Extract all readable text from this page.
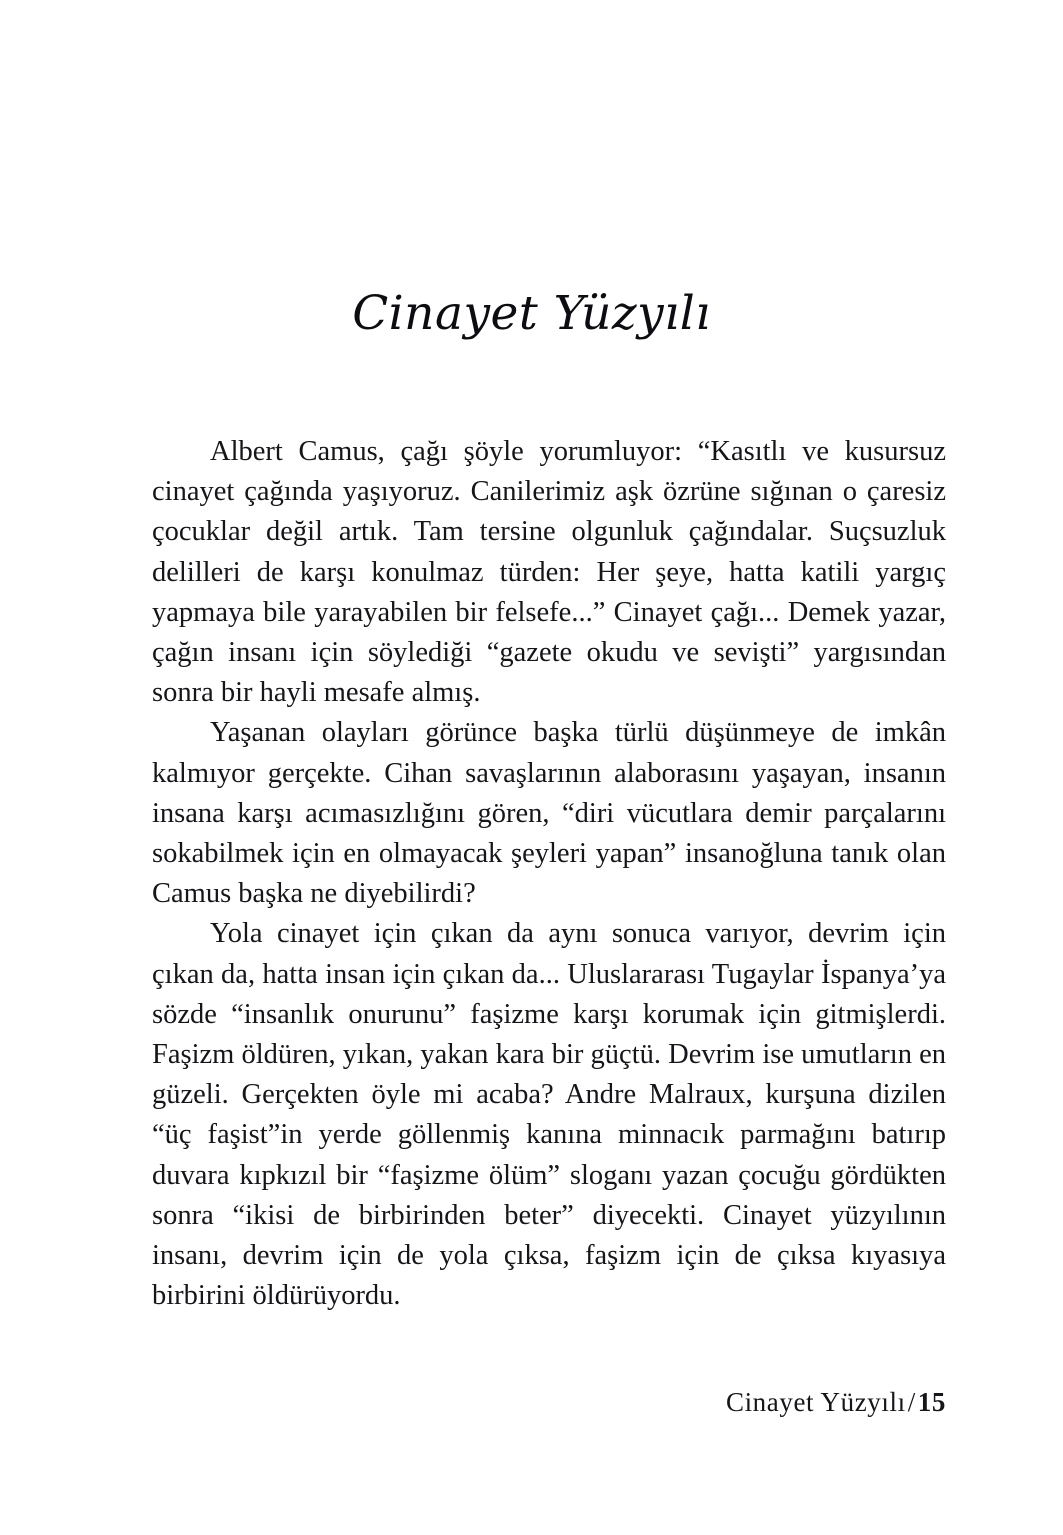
Cinayet Yüzyılı

Albert Camus, çağı şöyle yorumluyor: “Kasıtlı ve kusursuz cinayet çağında yaşıyoruz. Canilerimiz aşk özrüne sığınan o çaresiz çocuklar değil artık. Tam tersine olgunluk çağındalar. Suçsuzluk delilleri de karşı konulmaz türden: Her şeye, hatta katili yargıç yapmaya bile yarayabilen bir felsefe...” Cinayet çağı... Demek yazar, çağın insanı için söylediği “gazete okudu ve sevişti” yargısından sonra bir hayli mesafe almış.

Yaşanan olayları görünce başka türlü düşünmeye de imkân kalmıyor gerçekte. Cihan savaşlarının alaborasını yaşayan, insanın insana karşı acımasızlığını gören, “diri vücutlara demir parçalarını sokabilmek için en olmayacak şeyleri yapan” insanoğluna tanık olan Camus başka ne diyebilirdi?

Yola cinayet için çıkan da aynı sonuca varıyor, devrim için çıkan da, hatta insan için çıkan da... Uluslararası Tugaylar İspanya’ya sözde “insanlık onurunu” faşizme karşı korumak için gitmişlerdi. Faşizm öldüren, yıkan, yakan kara bir güçtü. Devrim ise umutların en güzeli. Gerçekten öyle mi acaba? Andre Malraux, kurşuna dizilen “üç faşist”in yerde göllenmiş kanına minnacık parmağını batırıp duvara kıpkızıl bir “faşizme ölüm” sloganı yazan çocuğu gördükten sonra “ikisi de birbirinden beter” diyecekti. Cinayet yüzyılının insanı, devrim için de yola çıksa, faşizm için de çıksa kıyasıya birbirini öldürüyordu.

Cinayet Yüzyılı/15
